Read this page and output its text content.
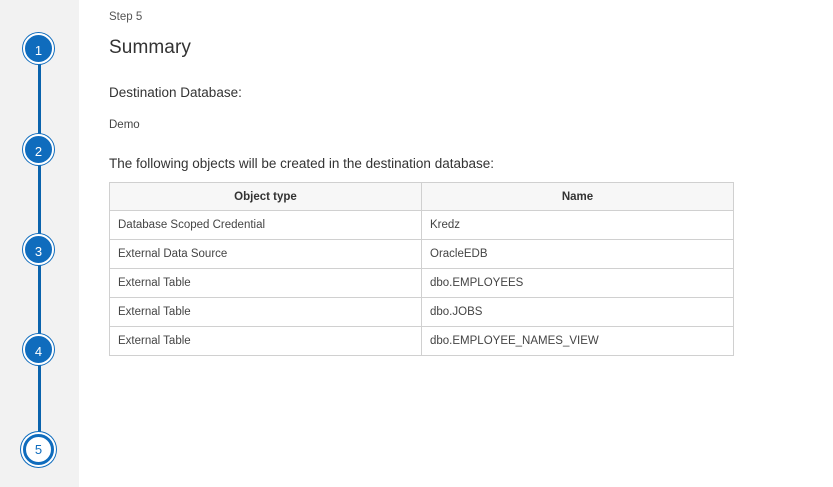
1
2
3
4
5
Step 5
Summary
Destination Database:
Demo
The following objects will be created in the destination database:
Object type	Name
Database Scoped Credential	Kredz
External Data Source	OracleEDB
External Table	dbo.EMPLOYEES
External Table	dbo.JOBS
External Table	dbo.EMPLOYEE_NAMES_VIEW
